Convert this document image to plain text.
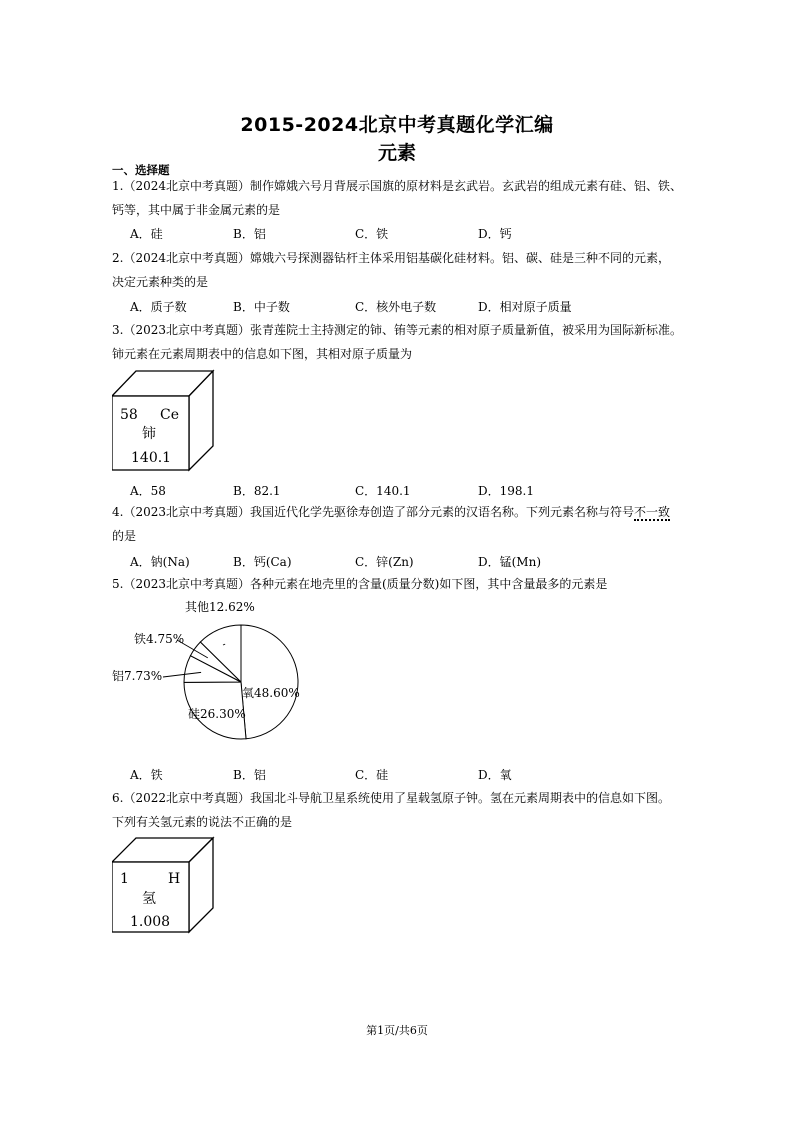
2015-2024北京中考真题化学汇编
元素
一、选择题
1.（2024北京中考真题）制作嫦娥六号月背展示国旗的原材料是玄武岩。玄武岩的组成元素有硅、铝、铁、
钙等，其中属于非金属元素的是
A．硅	B．铝	C．铁	D．钙
2.（2024北京中考真题）嫦娥六号探测器钻杆主体采用铝基碳化硅材料。铝、碳、硅是三种不同的元素，
决定元素种类的是
A．质子数	B．中子数	C．核外电子数	D．相对原子质量
3.（2023北京中考真题）张青莲院士主持测定的铈、铕等元素的相对原子质量新值，被采用为国际新标准。
铈元素在元素周期表中的信息如下图，其相对原子质量为
58 Ce
铈
140.1
A．58	B．82.1	C．140.1	D．198.1
4.（2023北京中考真题）我国近代化学先驱徐寿创造了部分元素的汉语名称。下列元素名称与符号不一致
的是
A．钠(Na)	B．钙(Ca)	C．锌(Zn)	D．锰(Mn)
5.（2023北京中考真题）各种元素在地壳里的含量(质量分数)如下图，其中含量最多的元素是
其他12.62%
铁4.75%
铝7.73%
硅26.30%
氧48.60%
A．铁	B．铝	C．硅	D．氧
6.（2022北京中考真题）我国北斗导航卫星系统使用了星载氢原子钟。氢在元素周期表中的信息如下图。
下列有关氢元素的说法不正确的是
1	H
氢
1.008
第1页/共6页
